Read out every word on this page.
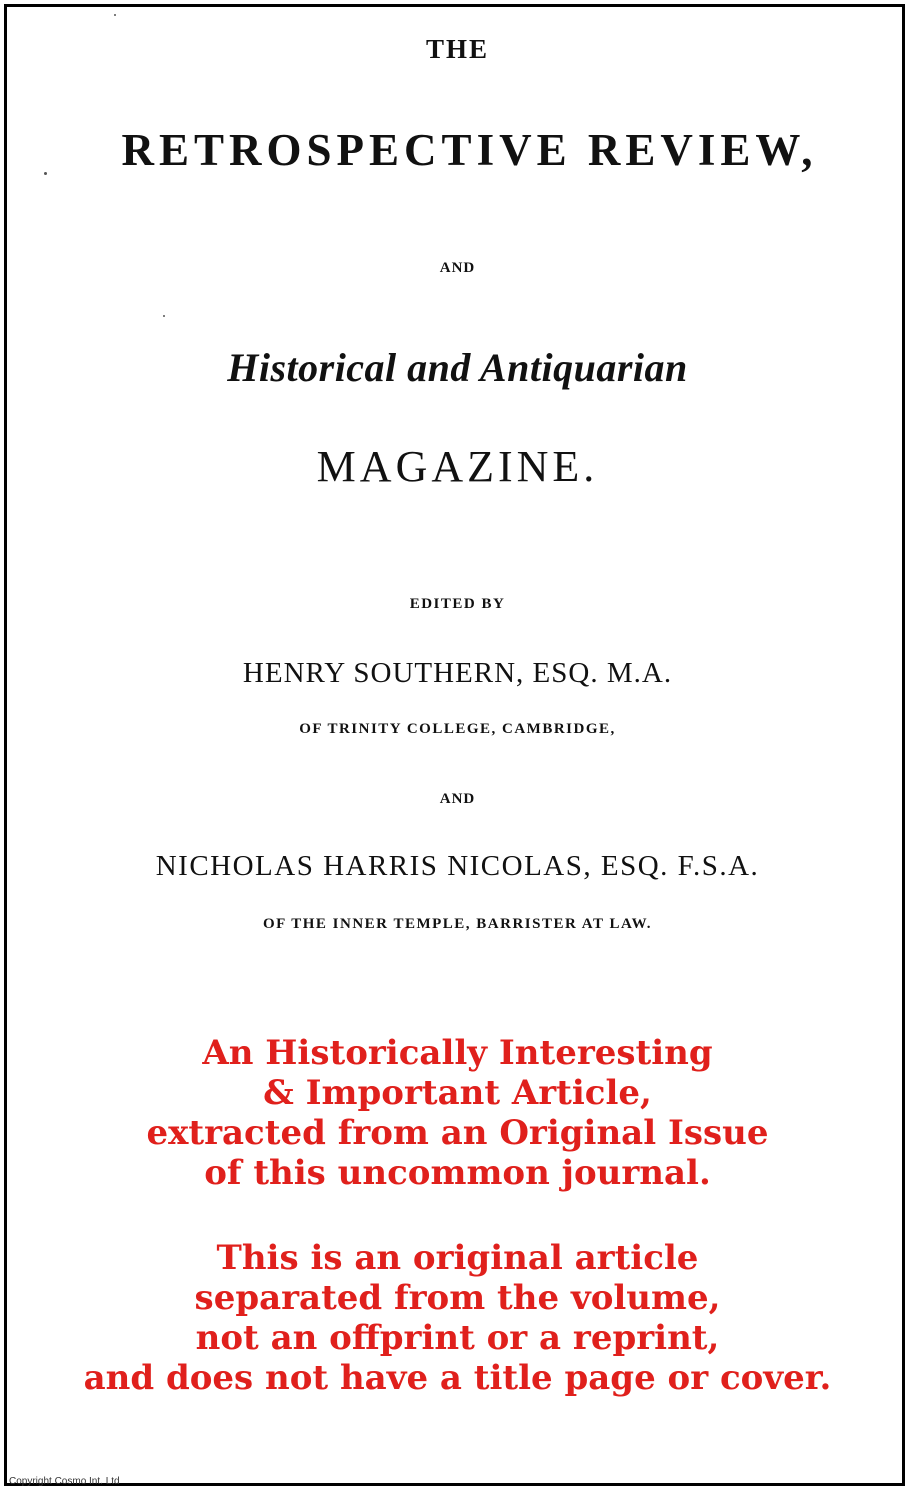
THE
RETROSPECTIVE REVIEW,
AND
Historical and Antiquarian
MAGAZINE.
EDITED BY
HENRY SOUTHERN, ESQ. M.A.
OF TRINITY COLLEGE, CAMBRIDGE,
AND
NICHOLAS HARRIS NICOLAS, ESQ. F.S.A.
OF THE INNER TEMPLE, BARRISTER AT LAW.
An Historically Interesting
& Important Article,
extracted from an Original Issue
of this uncommon journal.
This is an original article
separated from the volume,
not an offprint or a reprint,
and does not have a title page or cover.
Copyright Cosmo Int. Ltd
